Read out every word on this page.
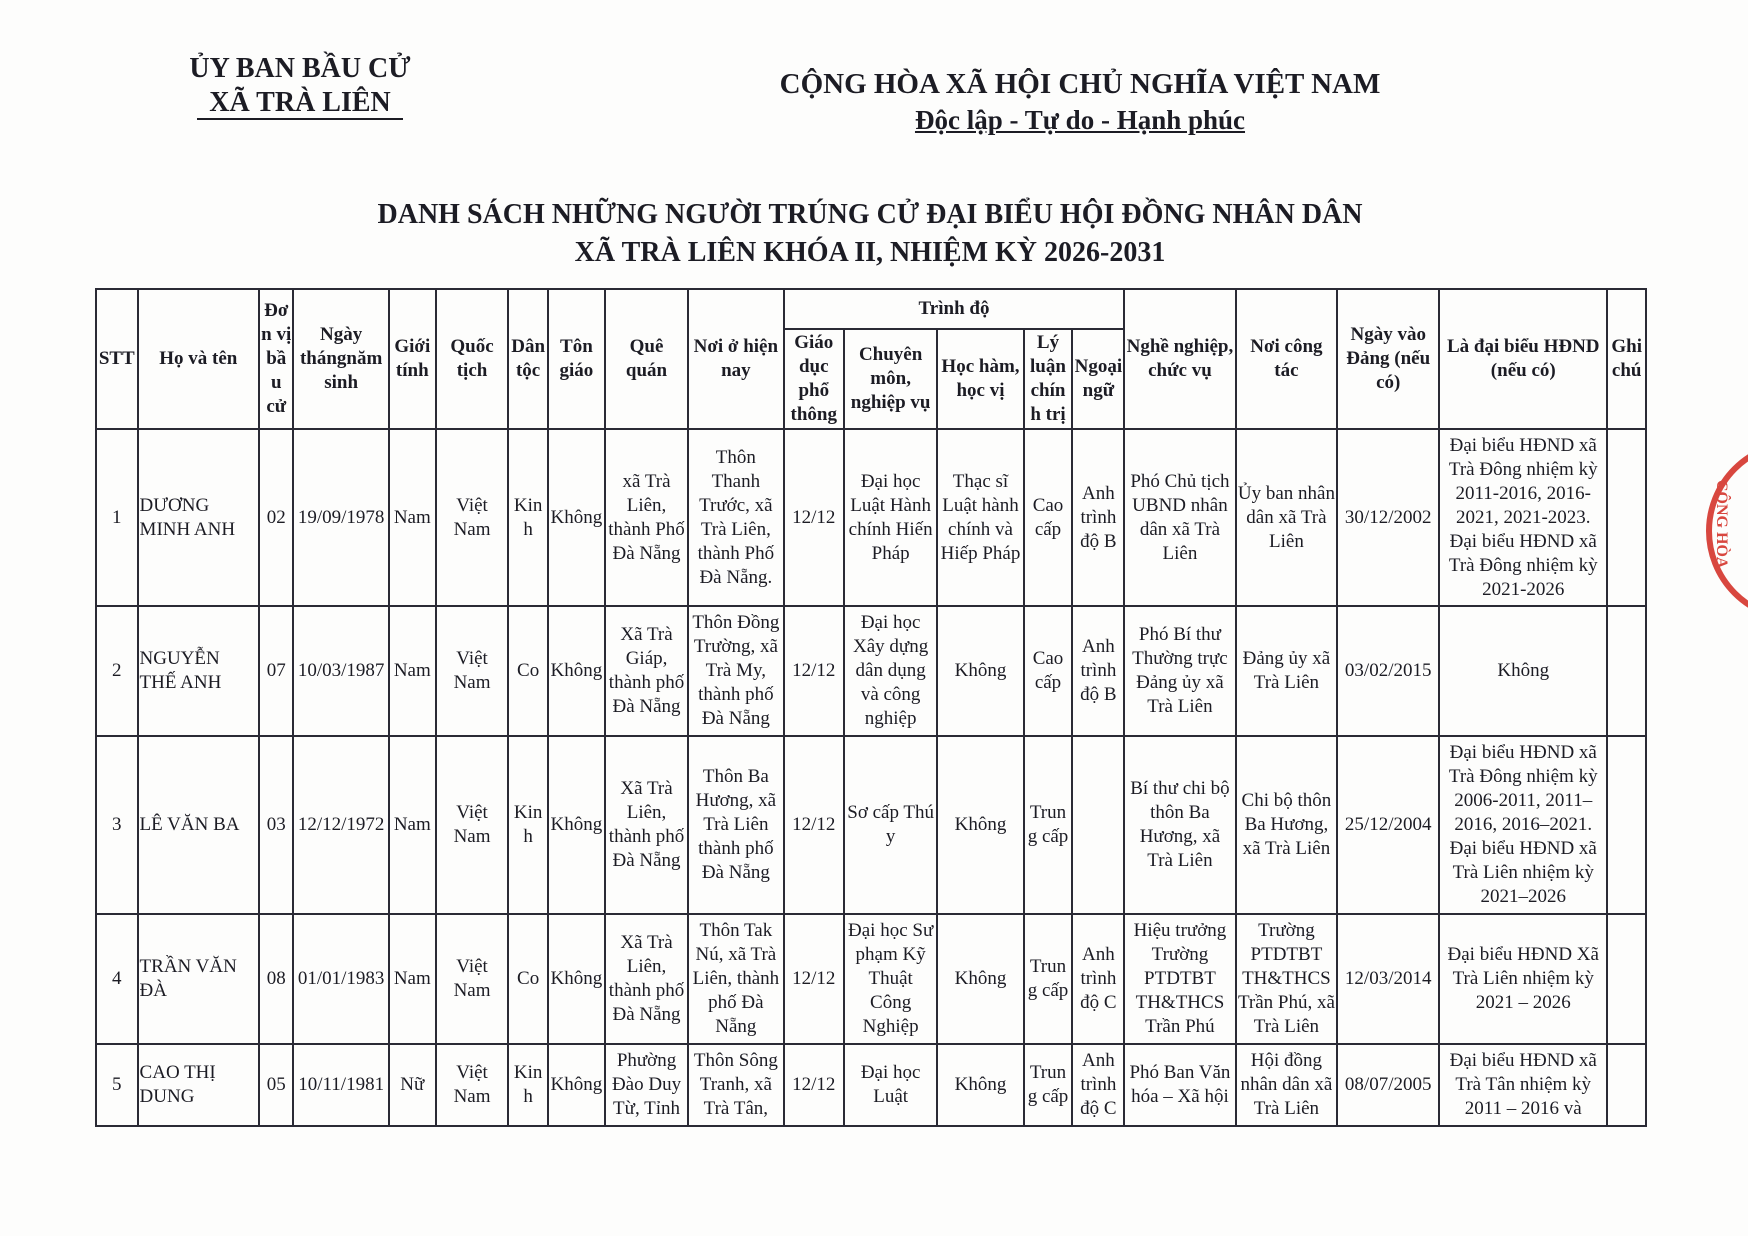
ỦY BAN BẦU CỬ
XÃ TRÀ LIÊN
CỘNG HÒA XÃ HỘI CHỦ NGHĨA VIỆT NAM
Độc lập - Tự do - Hạnh phúc
DANH SÁCH NHỮNG NGƯỜI TRÚNG CỬ ĐẠI BIỂU HỘI ĐỒNG NHÂN DÂN
XÃ TRÀ LIÊN KHÓA II, NHIỆM KỲ 2026-2031
STT	Họ và tên	Đơn vị bầu cử	Ngày thángnăm sinh	Giới tính	Quốc tịch	Dân tộc	Tôn giáo	Quê quán	Nơi ở hiện nay	Trình độ					Nghề nghiệp, chức vụ	Nơi công tác	Ngày vào Đảng (nếu có)	Là đại biểu HĐND (nếu có)	Ghi chú
										Giáo dục phổ thông	Chuyên môn, nghiệp vụ	Học hàm, học vị	Lý luận chính trị	Ngoại ngữ					
1	DƯƠNG MINH ANH	02	19/09/1978	Nam	Việt Nam	Kinh	Không	xã Trà Liên, thành Phố Đà Nẵng	Thôn Thanh Trước, xã Trà Liên, thành Phố Đà Nẵng.	12/12	Đại học Luật Hành chính Hiến Pháp	Thạc sĩ Luật hành chính và Hiếp Pháp	Cao cấp	Anh trình độ B	Phó Chủ tịch UBND nhân dân xã Trà Liên	Ủy ban nhân dân xã Trà Liên	30/12/2002	Đại biểu HĐND xã Trà Đông nhiệm kỳ 2011-2016, 2016-2021, 2021-2023. Đại biểu HĐND xã Trà Đông nhiệm kỳ 2021-2026	
2	NGUYỄN THẾ ANH	07	10/03/1987	Nam	Việt Nam	Co	Không	Xã Trà Giáp, thành phố Đà Nẵng	Thôn Đồng Trường, xã Trà My, thành phố Đà Nẵng	12/12	Đại học Xây dựng dân dụng và công nghiệp	Không	Cao cấp	Anh trình độ B	Phó Bí thư Thường trực Đảng ủy xã Trà Liên	Đảng ủy xã Trà Liên	03/02/2015	Không	
3	LÊ VĂN BA	03	12/12/1972	Nam	Việt Nam	Kinh	Không	Xã Trà Liên, thành phố Đà Nẵng	Thôn Ba Hương, xã Trà Liên thành phố Đà Nẵng	12/12	Sơ cấp Thú y	Không	Trung cấp		Bí thư chi bộ thôn Ba Hương, xã Trà Liên	Chi bộ thôn Ba Hương, xã Trà Liên	25/12/2004	Đại biểu HĐND xã Trà Đông nhiệm kỳ 2006-2011, 2011–2016, 2016–2021. Đại biểu HĐND xã Trà Liên nhiệm kỳ 2021–2026	
4	TRẦN VĂN ĐÀ	08	01/01/1983	Nam	Việt Nam	Co	Không	Xã Trà Liên, thành phố Đà Nẵng	Thôn Tak Nú, xã Trà Liên, thành phố Đà Nẵng	12/12	Đại học Sư phạm Kỹ Thuật Công Nghiệp	Không	Trung cấp	Anh trình độ C	Hiệu trưởng Trường PTDTBT TH&THCS Trần Phú	Trường PTDTBT TH&THCS Trần Phú, xã Trà Liên	12/03/2014	Đại biểu HĐND Xã Trà Liên nhiệm kỳ 2021 – 2026	
5	CAO THỊ DUNG	05	10/11/1981	Nữ	Việt Nam	Kinh	Không	Phường Đào Duy Từ, Tỉnh	Thôn Sông Tranh, xã Trà Tân,	12/12	Đại học Luật	Không	Trung cấp	Anh trình độ C	Phó Ban Văn hóa – Xã hội	Hội đồng nhân dân xã Trà Liên	08/07/2005	Đại biểu HĐND xã Trà Tân nhiệm kỳ 2011 – 2016 và	
CỘNG HÒA
